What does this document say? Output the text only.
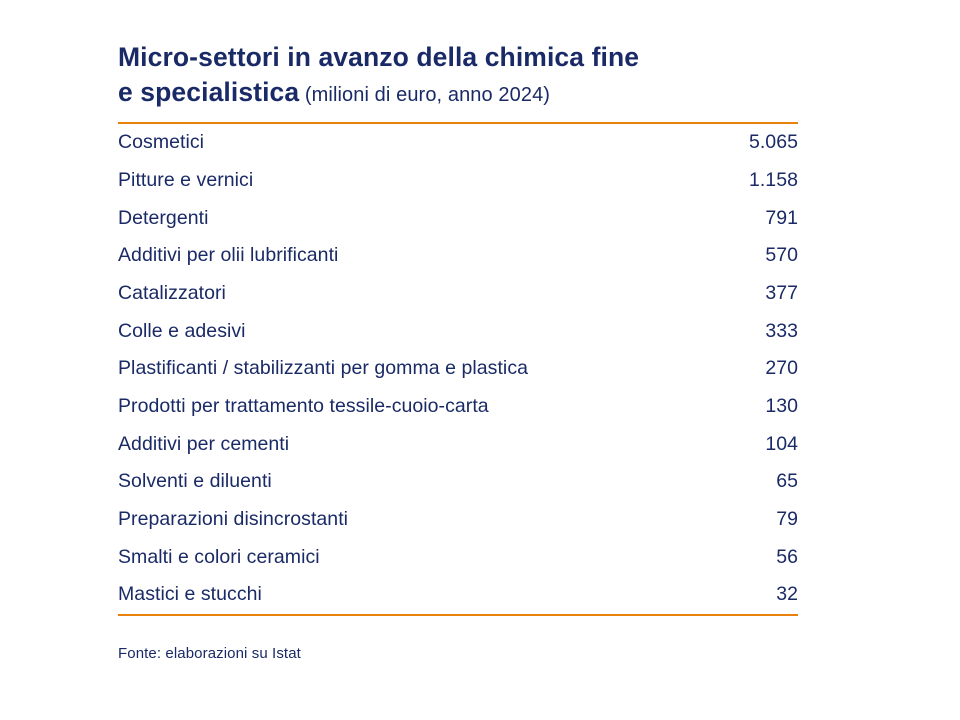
Micro-settori in avanzo della chimica fine
e specialistica (milioni di euro, anno 2024)
Cosmetici	5.065
Pitture e vernici	1.158
Detergenti	791
Additivi per olii lubrificanti	570
Catalizzatori	377
Colle e adesivi	333
Plastificanti / stabilizzanti per gomma e plastica	270
Prodotti per trattamento tessile-cuoio-carta	130
Additivi per cementi	104
Solventi e diluenti	65
Preparazioni disincrostanti	79
Smalti e colori ceramici	56
Mastici e stucchi	32
Fonte: elaborazioni su Istat
